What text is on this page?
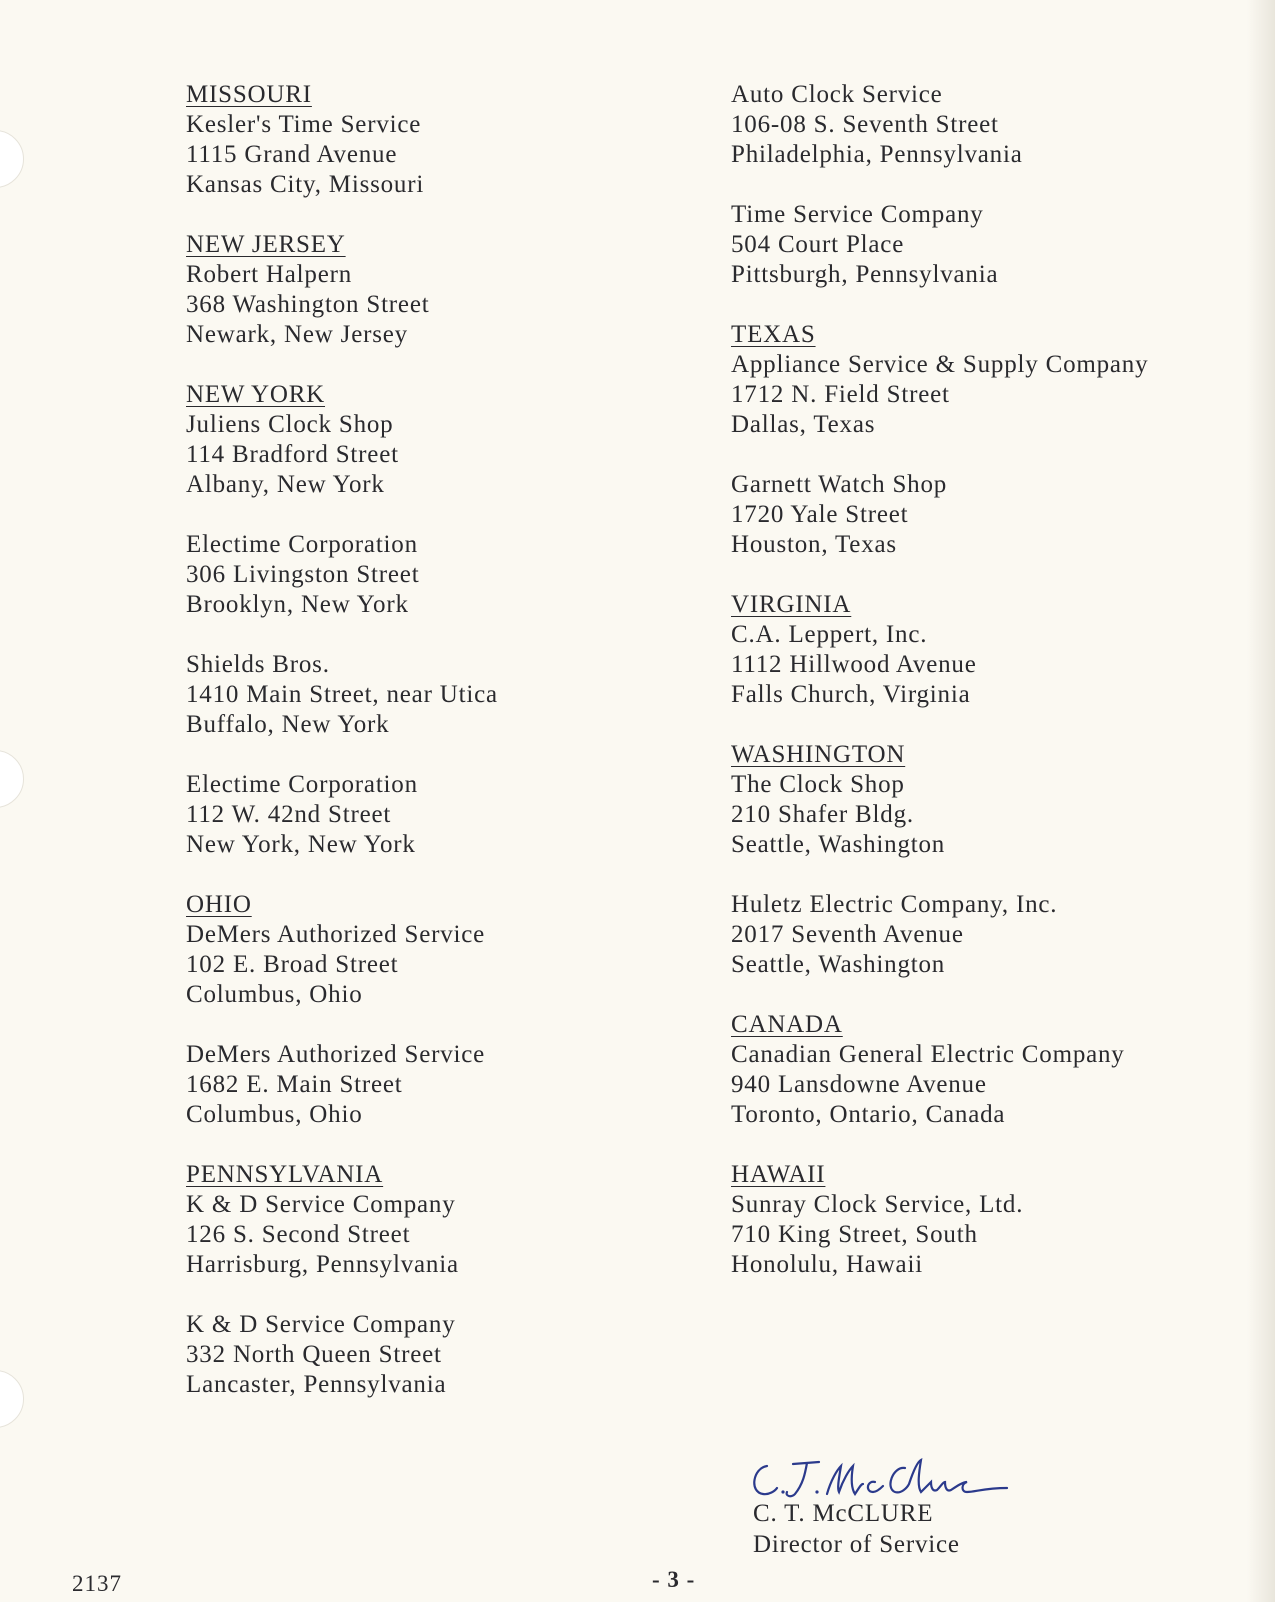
MISSOURI
Kesler's Time Service
1115 Grand Avenue
Kansas City, Missouri
NEW JERSEY
Robert Halpern
368 Washington Street
Newark, New Jersey
NEW YORK
Juliens Clock Shop
114 Bradford Street
Albany, New York
Electime Corporation
306 Livingston Street
Brooklyn, New York
Shields Bros.
1410 Main Street, near Utica
Buffalo, New York
Electime Corporation
112 W. 42nd Street
New York, New York
OHIO
DeMers Authorized Service
102 E. Broad Street
Columbus, Ohio
DeMers Authorized Service
1682 E. Main Street
Columbus, Ohio
PENNSYLVANIA
K & D Service Company
126 S. Second Street
Harrisburg, Pennsylvania
K & D Service Company
332 North Queen Street
Lancaster, Pennsylvania
Auto Clock Service
106-08 S. Seventh Street
Philadelphia, Pennsylvania
Time Service Company
504 Court Place
Pittsburgh, Pennsylvania
TEXAS
Appliance Service & Supply Company
1712 N. Field Street
Dallas, Texas
Garnett Watch Shop
1720 Yale Street
Houston, Texas
VIRGINIA
C.A. Leppert, Inc.
1112 Hillwood Avenue
Falls Church, Virginia
WASHINGTON
The Clock Shop
210 Shafer Bldg.
Seattle, Washington
Huletz Electric Company, Inc.
2017 Seventh Avenue
Seattle, Washington
CANADA
Canadian General Electric Company
940 Lansdowne Avenue
Toronto, Ontario, Canada
HAWAII
Sunray Clock Service, Ltd.
710 King Street, South
Honolulu, Hawaii
C. T. McCLURE
Director of Service
2137	- 3 -
